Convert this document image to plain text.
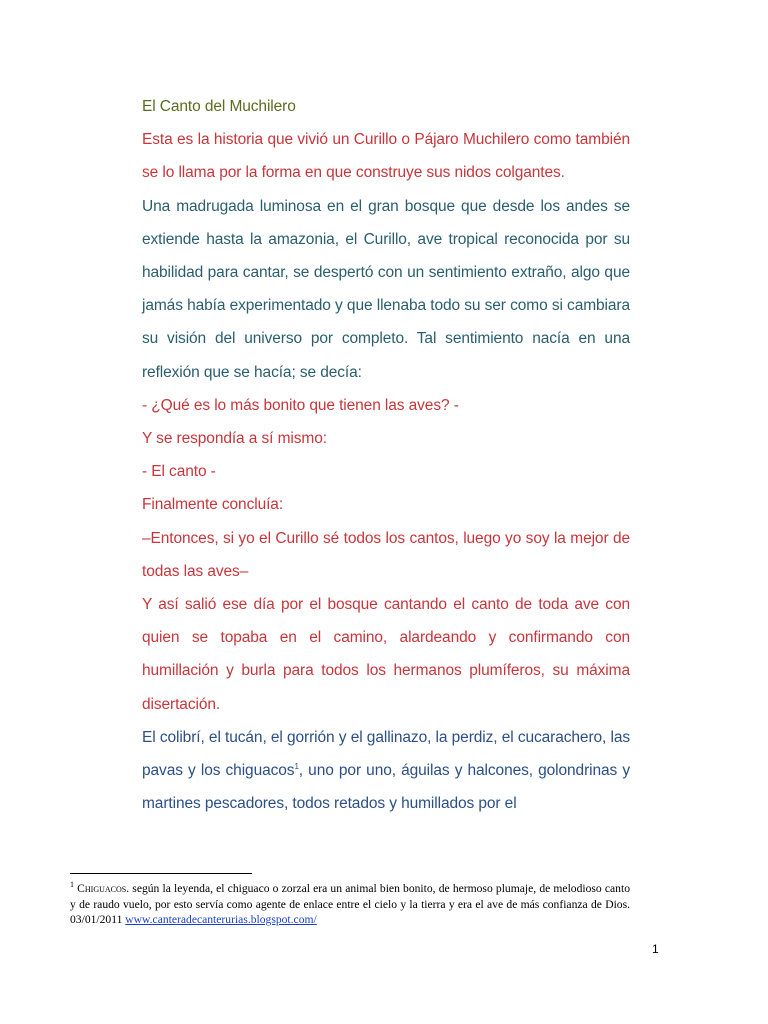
El Canto del Muchilero

Esta es la historia que vivió un Curillo o Pájaro Muchilero como también se lo llama por la forma en que construye sus nidos colgantes.

Una madrugada luminosa en el gran bosque que desde los andes se extiende hasta la amazonia, el Curillo, ave tropical reconocida por su habilidad para cantar, se despertó con un sentimiento extraño, algo que jamás había experimentado y que llenaba todo su ser como si cambiara su visión del universo por completo. Tal sentimiento nacía en una reflexión que se hacía; se decía:

- ¿Qué es lo más bonito que tienen las aves? -

Y se respondía a sí mismo:

- El canto -

Finalmente concluía:

–Entonces, si yo el Curillo sé todos los cantos, luego yo soy la mejor de todas las aves–

Y así salió ese día por el bosque cantando el canto de toda ave con quien se topaba en el camino, alardeando y confirmando con humillación y burla para todos los hermanos plumíferos, su máxima disertación.

El colibrí, el tucán, el gorrión y el gallinazo, la perdiz, el cucarachero, las pavas y los chiguacos$^1$, uno por uno, águilas y halcones, golondrinas y martines pescadores, todos retados y humillados por el

$^1$ Chiguacos. según la leyenda, el chiguaco o zorzal era un animal bien bonito, de hermoso plumaje, de melodioso canto y de raudo vuelo, por esto servía como agente de enlace entre el cielo y la tierra y era el ave de más confianza de Dios. 03/01/2011 www.canteradecanterurias.blogspot.com/
1
